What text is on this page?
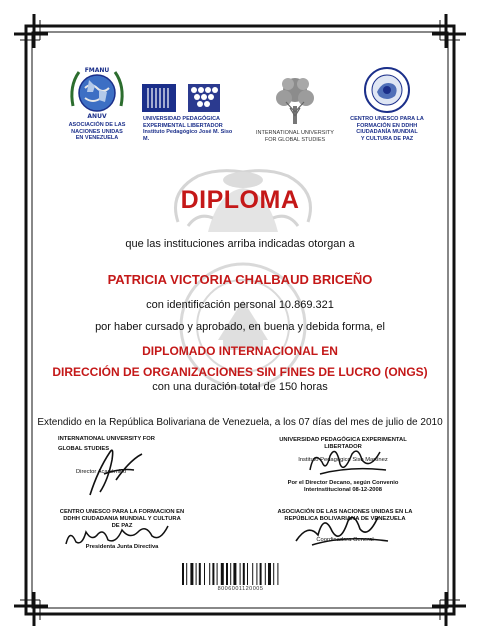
FMANU
ANUV
ASOCIACIÓN DE LAS
NACIONES UNIDAS
EN VENEZUELA
UNIVERSIDAD PEDAGÓGICA
EXPERIMENTAL LIBERTADOR
Instituto Pedagógico José M. Siso M.
INTERNATIONAL UNIVERSITY
FOR GLOBAL STUDIES
CENTRO UNESCO PARA LA
FORMACIÓN EN DDHH
CIUDADANÍA MUNDIAL
Y CULTURA DE PAZ
DIPLOMA
que las instituciones arriba indicadas otorgan a
PATRICIA VICTORIA CHALBAUD BRICEÑO
con identificación personal 10.869.321
por haber cursado y aprobado, en buena y debida forma, el
DIPLOMADO INTERNACIONAL EN
DIRECCIÓN DE ORGANIZACIONES SIN FINES DE LUCRO (ONGS)
con una duración total de 150 horas
Extendido en la República Bolivariana de Venezuela, a los 07 días del mes de julio de 2010
INTERNATIONAL UNIVERSITY FOR
GLOBAL STUDIES
Director Académico
UNIVERSIDAD PEDAGÓGICA EXPERIMENTAL
LIBERTADOR
Instituto Pedagógico Siso Martínez
Por el Director Decano, según Convenio
Interinstitucional 08-12-2008
CENTRO UNESCO PARA LA FORMACION EN
DDHH CIUDADANIA MUNDIAL Y CULTURA
DE PAZ
Presidenta Junta Directiva
ASOCIACIÓN DE LAS NACIONES UNIDAS EN LA
REPÚBLICA BOLIVARIANA DE VENEZUELA
Coordinadora General
8006001120005
